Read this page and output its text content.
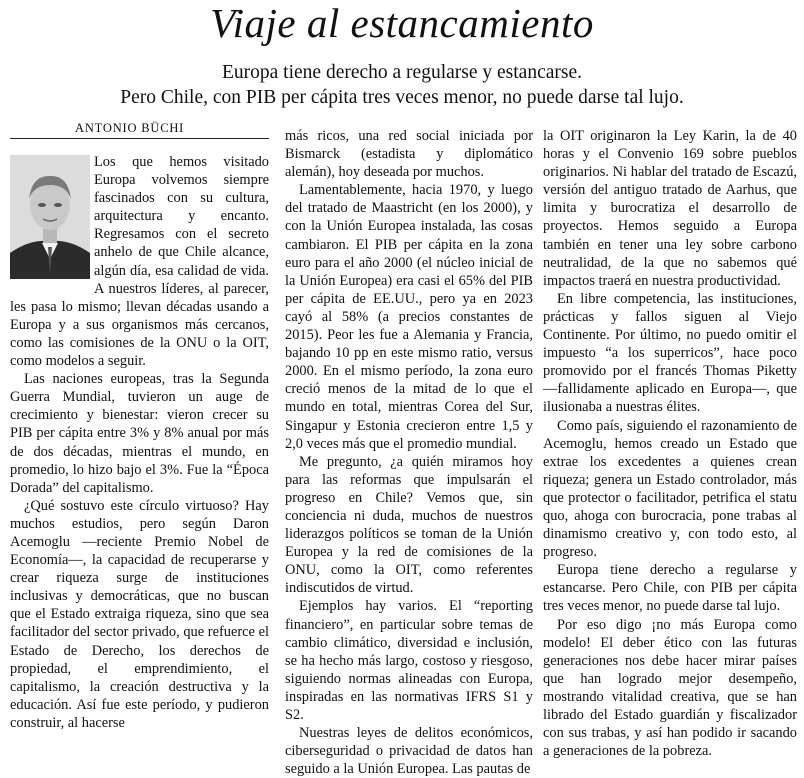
Viaje al estancamiento
Europa tiene derecho a regularse y estancarse.
Pero Chile, con PIB per cápita tres veces menor, no puede darse tal lujo.
ANTONIO BÜCHI

Los que hemos visitado Europa volvemos siempre fascinados con su cultura, arquitectura y encanto. Regresamos con el secreto anhelo de que Chile alcance, algún día, esa calidad de vida. A nuestros líderes, al parecer, les pasa lo mismo; llevan décadas usando a Europa y a sus organismos más cercanos, como las comisiones de la ONU o la OIT, como modelos a seguir.

Las naciones europeas, tras la Segunda Guerra Mundial, tuvieron un auge de crecimiento y bienestar: vieron crecer su PIB per cápita entre 3% y 8% anual por más de dos décadas, mientras el mundo, en promedio, lo hizo bajo el 3%. Fue la “Época Dorada” del capitalismo.

¿Qué sostuvo este círculo virtuoso? Hay muchos estudios, pero según Daron Acemoglu —reciente Premio Nobel de Economía—, la capacidad de recuperarse y crear riqueza surge de instituciones inclusivas y democráticas, que no buscan que el Estado extraiga riqueza, sino que sea facilitador del sector privado, que refuerce el Estado de Derecho, los derechos de propiedad, el emprendimiento, el capitalismo, la creación destructiva y la educación. Así fue este período, y pudieron construir, al hacerse

más ricos, una red social iniciada por Bismarck (estadista y diplomático alemán), hoy deseada por muchos.

Lamentablemente, hacia 1970, y luego del tratado de Maastricht (en los 2000), y con la Unión Europea instalada, las cosas cambiaron. El PIB per cápita en la zona euro para el año 2000 (el núcleo inicial de la Unión Europea) era casi el 65% del PIB per cápita de EE.UU., pero ya en 2023 cayó al 58% (a precios constantes de 2015). Peor les fue a Alemania y Francia, bajando 10 pp en este mismo ratio, versus 2000. En el mismo período, la zona euro creció menos de la mitad de lo que el mundo en total, mientras Corea del Sur, Singapur y Estonia crecieron entre 1,5 y 2,0 veces más que el promedio mundial.

Me pregunto, ¿a quién miramos hoy para las reformas que impulsarán el progreso en Chile? Vemos que, sin conciencia ni duda, muchos de nuestros liderazgos políticos se toman de la Unión Europea y la red de comisiones de la ONU, como la OIT, como referentes indiscutidos de virtud.

Ejemplos hay varios. El “reporting financiero”, en particular sobre temas de cambio climático, diversidad e inclusión, se ha hecho más largo, costoso y riesgoso, siguiendo normas alineadas con Europa, inspiradas en las normativas IFRS S1 y S2.

Nuestras leyes de delitos económicos, ciberseguridad o privacidad de datos han seguido a la Unión Europea. Las pautas de

la OIT originaron la Ley Karin, la de 40 horas y el Convenio 169 sobre pueblos originarios. Ni hablar del tratado de Escazú, versión del antiguo tratado de Aarhus, que limita y burocratiza el desarrollo de proyectos. Hemos seguido a Europa también en tener una ley sobre carbono neutralidad, de la que no sabemos qué impactos traerá en nuestra productividad.

En libre competencia, las instituciones, prácticas y fallos siguen al Viejo Continente. Por último, no puedo omitir el impuesto “a los superricos”, hace poco promovido por el francés Thomas Piketty —fallidamente aplicado en Europa—, que ilusionaba a nuestras élites.

Como país, siguiendo el razonamiento de Acemoglu, hemos creado un Estado que extrae los excedentes a quienes crean riqueza; genera un Estado controlador, más que protector o facilitador, petrifica el statu quo, ahoga con burocracia, pone trabas al dinamismo creativo y, con todo esto, al progreso.

Europa tiene derecho a regularse y estancarse. Pero Chile, con PIB per cápita tres veces menor, no puede darse tal lujo.

Por eso digo ¡no más Europa como modelo! El deber ético con las futuras generaciones nos debe hacer mirar países que han logrado mejor desempeño, mostrando vitalidad creativa, que se han librado del Estado guardián y fiscalizador con sus trabas, y así han podido ir sacando a generaciones de la pobreza.
